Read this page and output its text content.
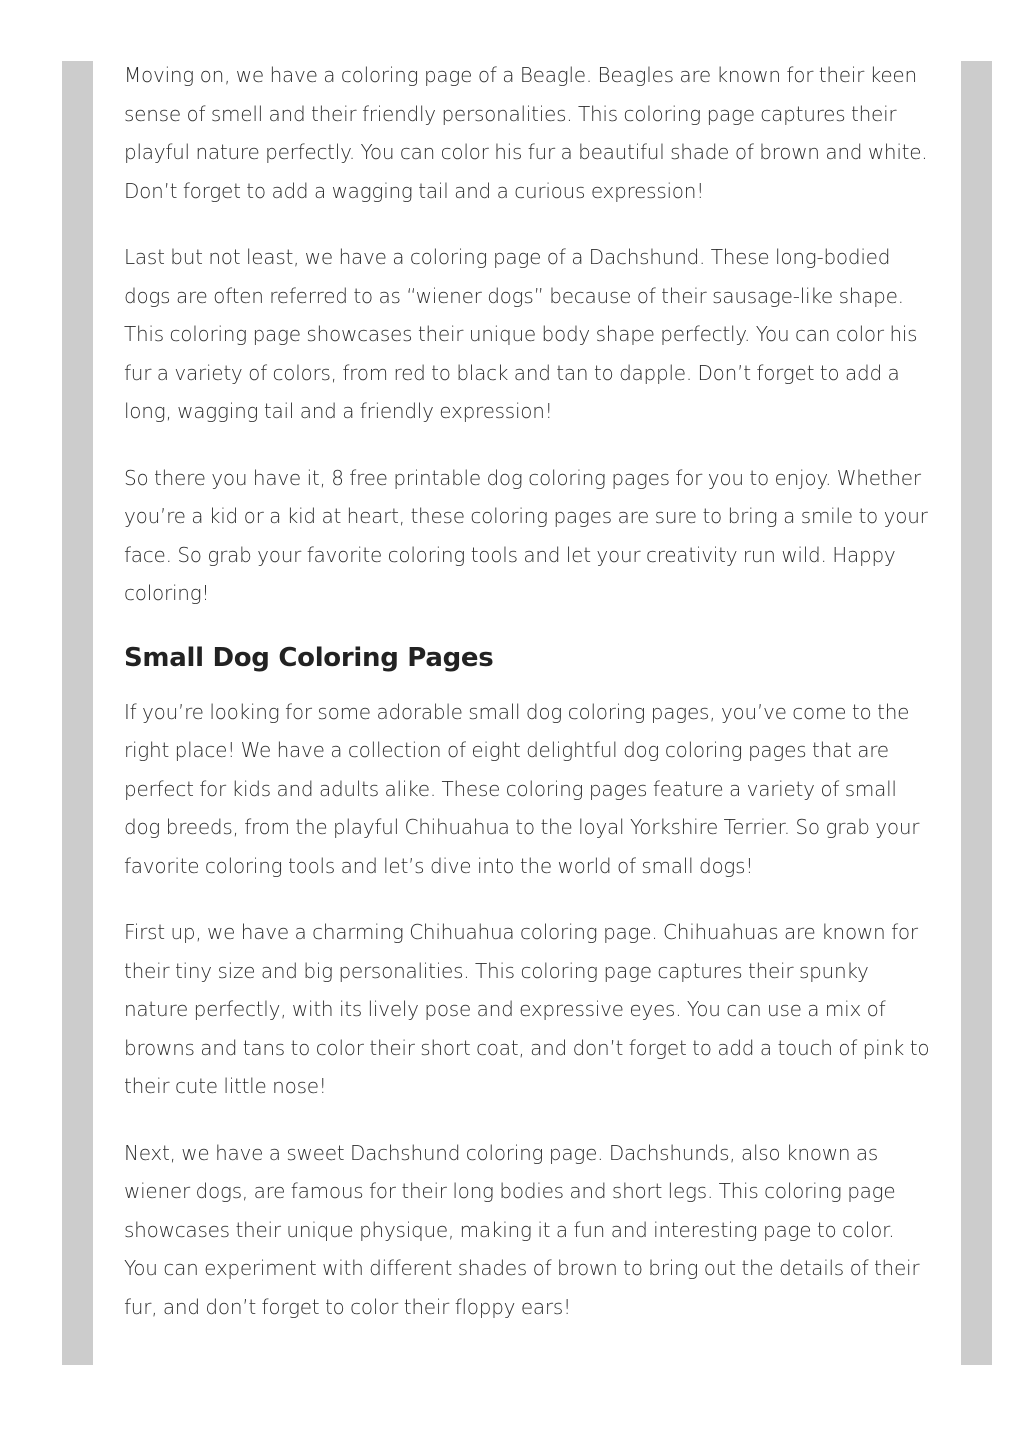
Moving on, we have a coloring page of a Beagle. Beagles are known for their keen sense of smell and their friendly personalities. This coloring page captures their playful nature perfectly. You can color his fur a beautiful shade of brown and white. Don’t forget to add a wagging tail and a curious expression!

Last but not least, we have a coloring page of a Dachshund. These long-bodied dogs are often referred to as “wiener dogs” because of their sausage-like shape. This coloring page showcases their unique body shape perfectly. You can color his fur a variety of colors, from red to black and tan to dapple. Don’t forget to add a long, wagging tail and a friendly expression!

So there you have it, 8 free printable dog coloring pages for you to enjoy. Whether you’re a kid or a kid at heart, these coloring pages are sure to bring a smile to your face. So grab your favorite coloring tools and let your creativity run wild. Happy coloring!

Small Dog Coloring Pages

If you’re looking for some adorable small dog coloring pages, you’ve come to the right place! We have a collection of eight delightful dog coloring pages that are perfect for kids and adults alike. These coloring pages feature a variety of small dog breeds, from the playful Chihuahua to the loyal Yorkshire Terrier. So grab your favorite coloring tools and let’s dive into the world of small dogs!

First up, we have a charming Chihuahua coloring page. Chihuahuas are known for their tiny size and big personalities. This coloring page captures their spunky nature perfectly, with its lively pose and expressive eyes. You can use a mix of browns and tans to color their short coat, and don’t forget to add a touch of pink to their cute little nose!

Next, we have a sweet Dachshund coloring page. Dachshunds, also known as wiener dogs, are famous for their long bodies and short legs. This coloring page showcases their unique physique, making it a fun and interesting page to color. You can experiment with different shades of brown to bring out the details of their fur, and don’t forget to color their floppy ears!
